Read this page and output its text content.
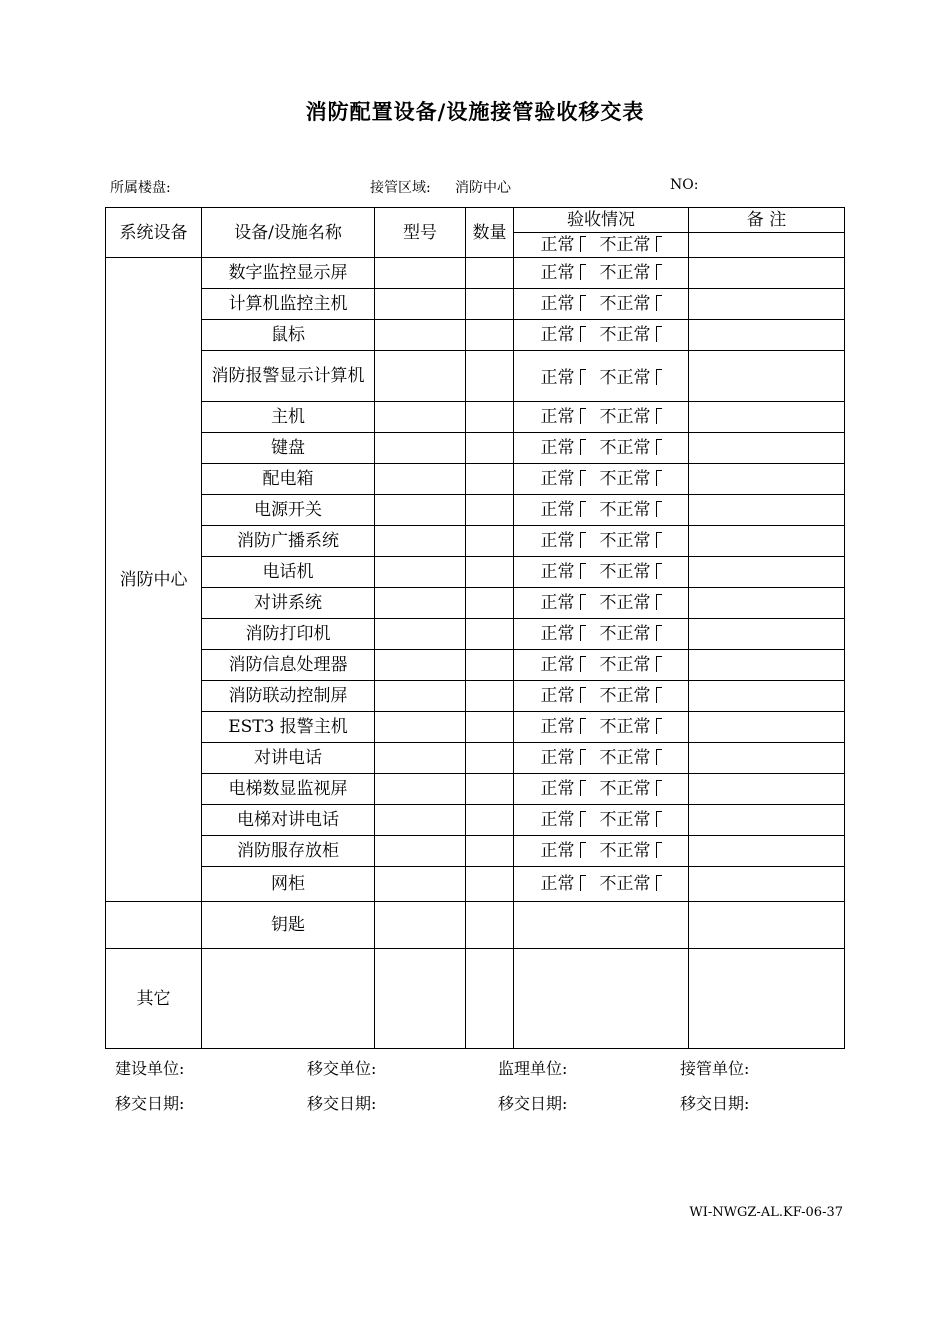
消防配置设备/设施接管验收移交表
所属楼盘:	接管区域: 消防中心	NO:
系统设备	设备/设施名称	型号	数量	验收情况	备 注
				正常 不正常	
消防中心	数字监控显示屏			正常 不正常	
	计算机监控主机			正常 不正常	
	鼠标			正常 不正常	
	消防报警显示计算机			正常 不正常	
	主机			正常 不正常	
	键盘			正常 不正常	
	配电箱			正常 不正常	
	电源开关			正常 不正常	
	消防广播系统			正常 不正常	
	电话机			正常 不正常	
	对讲系统			正常 不正常	
	消防打印机			正常 不正常	
	消防信息处理器			正常 不正常	
	消防联动控制屏			正常 不正常	
	EST3 报警主机			正常 不正常	
	对讲电话			正常 不正常	
	电梯数显监视屏			正常 不正常	
	电梯对讲电话			正常 不正常	
	消防服存放柜			正常 不正常	
	网柜			正常 不正常	
	钥匙				
其它					
建设单位:	移交单位:	监理单位:	接管单位:
移交日期:	移交日期:	移交日期:	移交日期:
WI-NWGZ-AL.KF-06-37
